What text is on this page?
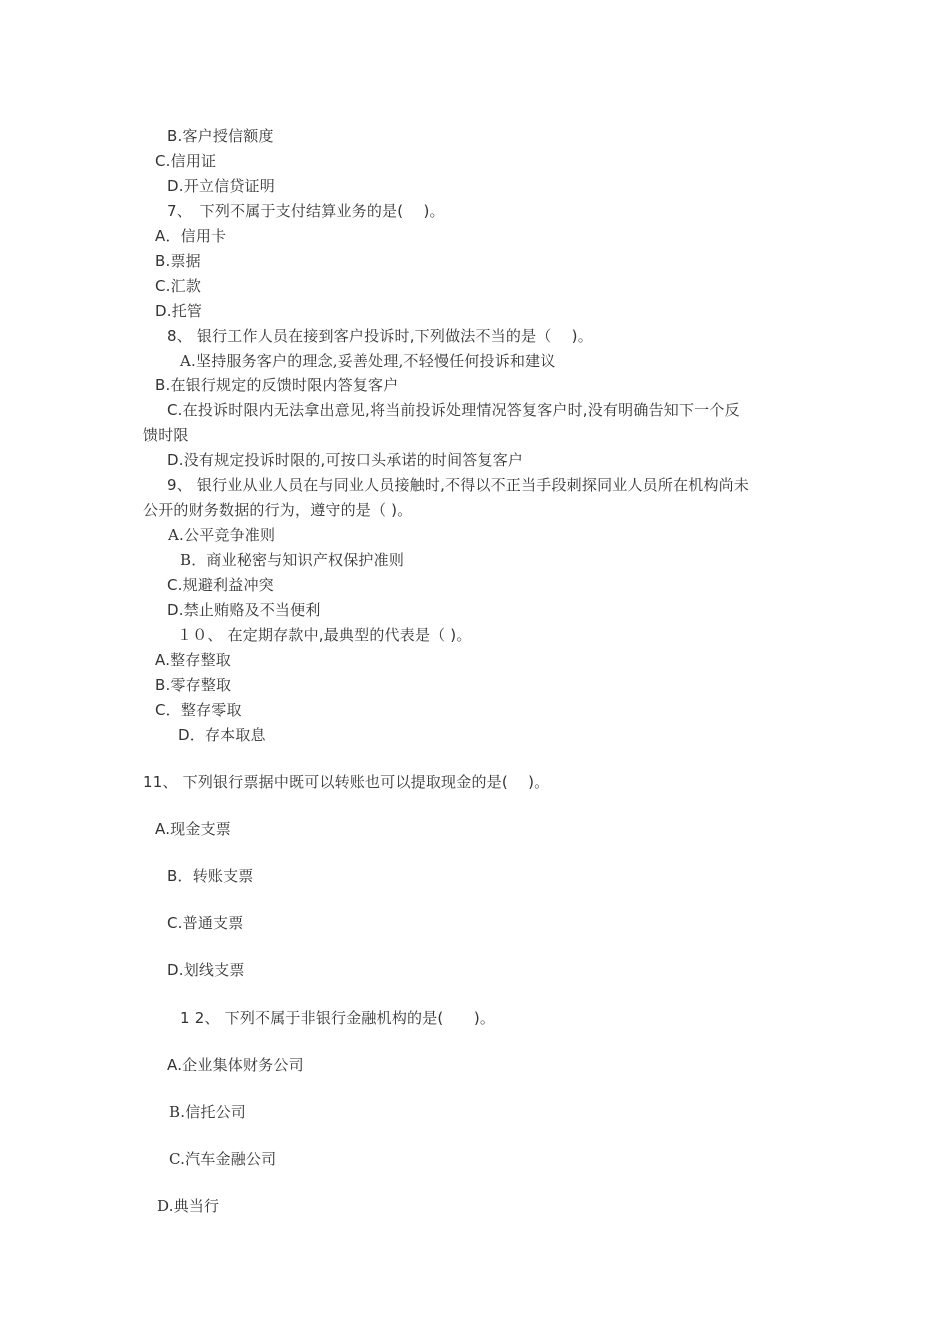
B.客户授信额度
C.信用证
D.开立信贷证明
7、　下列不属于支付结算业务的是(　 )。
A．信用卡
B.票据
C.汇款
D.托管
8、 银行工作人员在接到客户投诉时,下列做法不当的是（　 )。
A.坚持服务客户的理念,妥善处理,不轻慢任何投诉和建议
B.在银行规定的反馈时限内答复客户
C.在投诉时限内无法拿出意见,将当前投诉处理情况答复客户时,没有明确告知下一个反
馈时限
D.没有规定投诉时限的,可按口头承诺的时间答复客户
9、 银行业从业人员在与同业人员接触时,不得以不正当手段刺探同业人员所在机构尚未
公开的财务数据的行为，遵守的是（ )。
A.公平竞争准则
B．商业秘密与知识产权保护准则
C.规避利益冲突
D.禁止贿赂及不当便利
１０、 在定期存款中,最典型的代表是（ )。
A.整存整取
B.零存整取
C．整存零取
D．存本取息
11、 下列银行票据中既可以转账也可以提取现金的是(　 )。
A.现金支票
B．转账支票
C.普通支票
D.划线支票
1 2、 下列不属于非银行金融机构的是(　　)。
A.企业集体财务公司
B.信托公司
C.汽车金融公司
D.典当行
